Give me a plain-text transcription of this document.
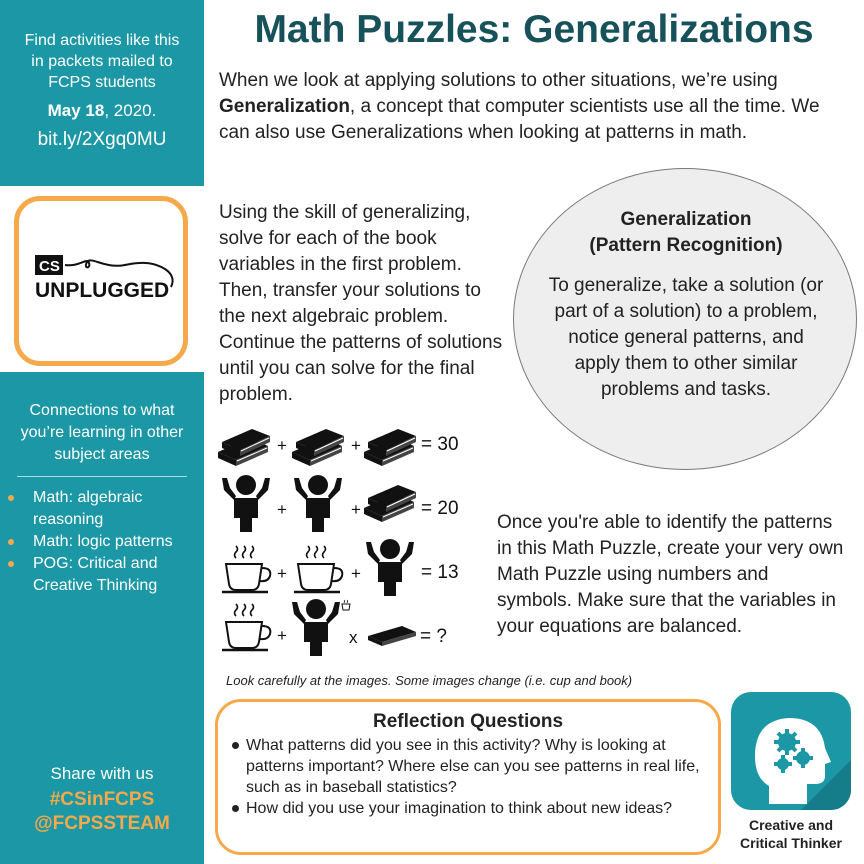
Find activities like this
in packets mailed to
FCPS students
May 18, 2020.
bit.ly/2Xgq0MU
CS
UNPLUGGED
Connections to what you’re learning in other subject areas
Math: algebraic reasoning
Math: logic patterns
POG: Critical and Creative Thinking
Share with us
#CSinFCPS
@FCPSSTEAM
Math Puzzles: Generalizations
When we look at applying solutions to other situations, we’re using Generalization, a concept that computer scientists use all the time. We can also use Generalizations when looking at patterns in math.
Using the skill of generalizing, solve for each of the book variables in the first problem. Then, transfer your solutions to the next algebraic problem. Continue the patterns of solutions until you can solve for the final problem.
Generalization
(Pattern Recognition)
To generalize, take a solution (or part of a solution) to a problem, notice general patterns, and apply them to other similar problems and tasks.
+	+	= 30
+	+	= 20
+	+	= 13
+	x	= ?
Once you're able to identify the patterns in this Math Puzzle, create your very own Math Puzzle using numbers and symbols. Make sure that the variables in your equations are balanced.
Look carefully at the images. Some images change (i.e. cup and book)
Reflection Questions
What patterns did you see in this activity? Why is looking at patterns important? Where else can you see patterns in real life, such as in baseball statistics?
How did you use your imagination to think about new ideas?
Creative and
Critical Thinker
